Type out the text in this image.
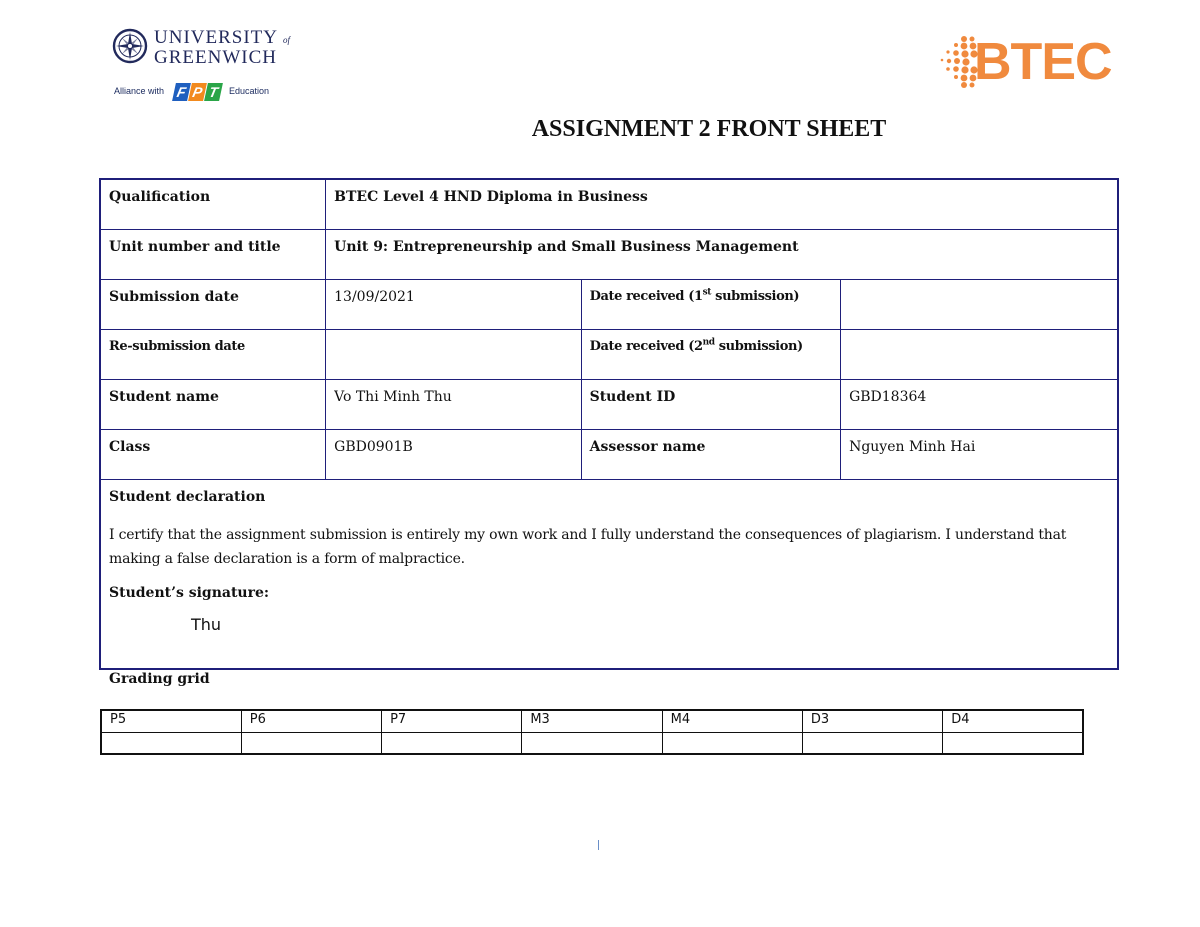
UNIVERSITY of
GREENWICH
Alliance with F P T	Education	BTEC
ASSIGNMENT 2 FRONT SHEET
Qualification	BTEC Level 4 HND Diploma in Business		
Unit number and title	Unit 9: Entrepreneurship and Small Business Management		
Submission date	13/09/2021	Date received (1st submission)	
Re-submission date		Date received (2nd submission)	
Student name	Vo Thi Minh Thu	Student ID	GBD18364
Class	GBD0901B	Assessor name	Nguyen Minh Hai

Student declaration
I certify that the assignment submission is entirely my own work and I fully understand the consequences of plagiarism. I understand that making a false declaration is a form of malpractice.
Student’s signature:
Thu			
Grading grid
P5	P6	P7	M3	M4	D3	D4
